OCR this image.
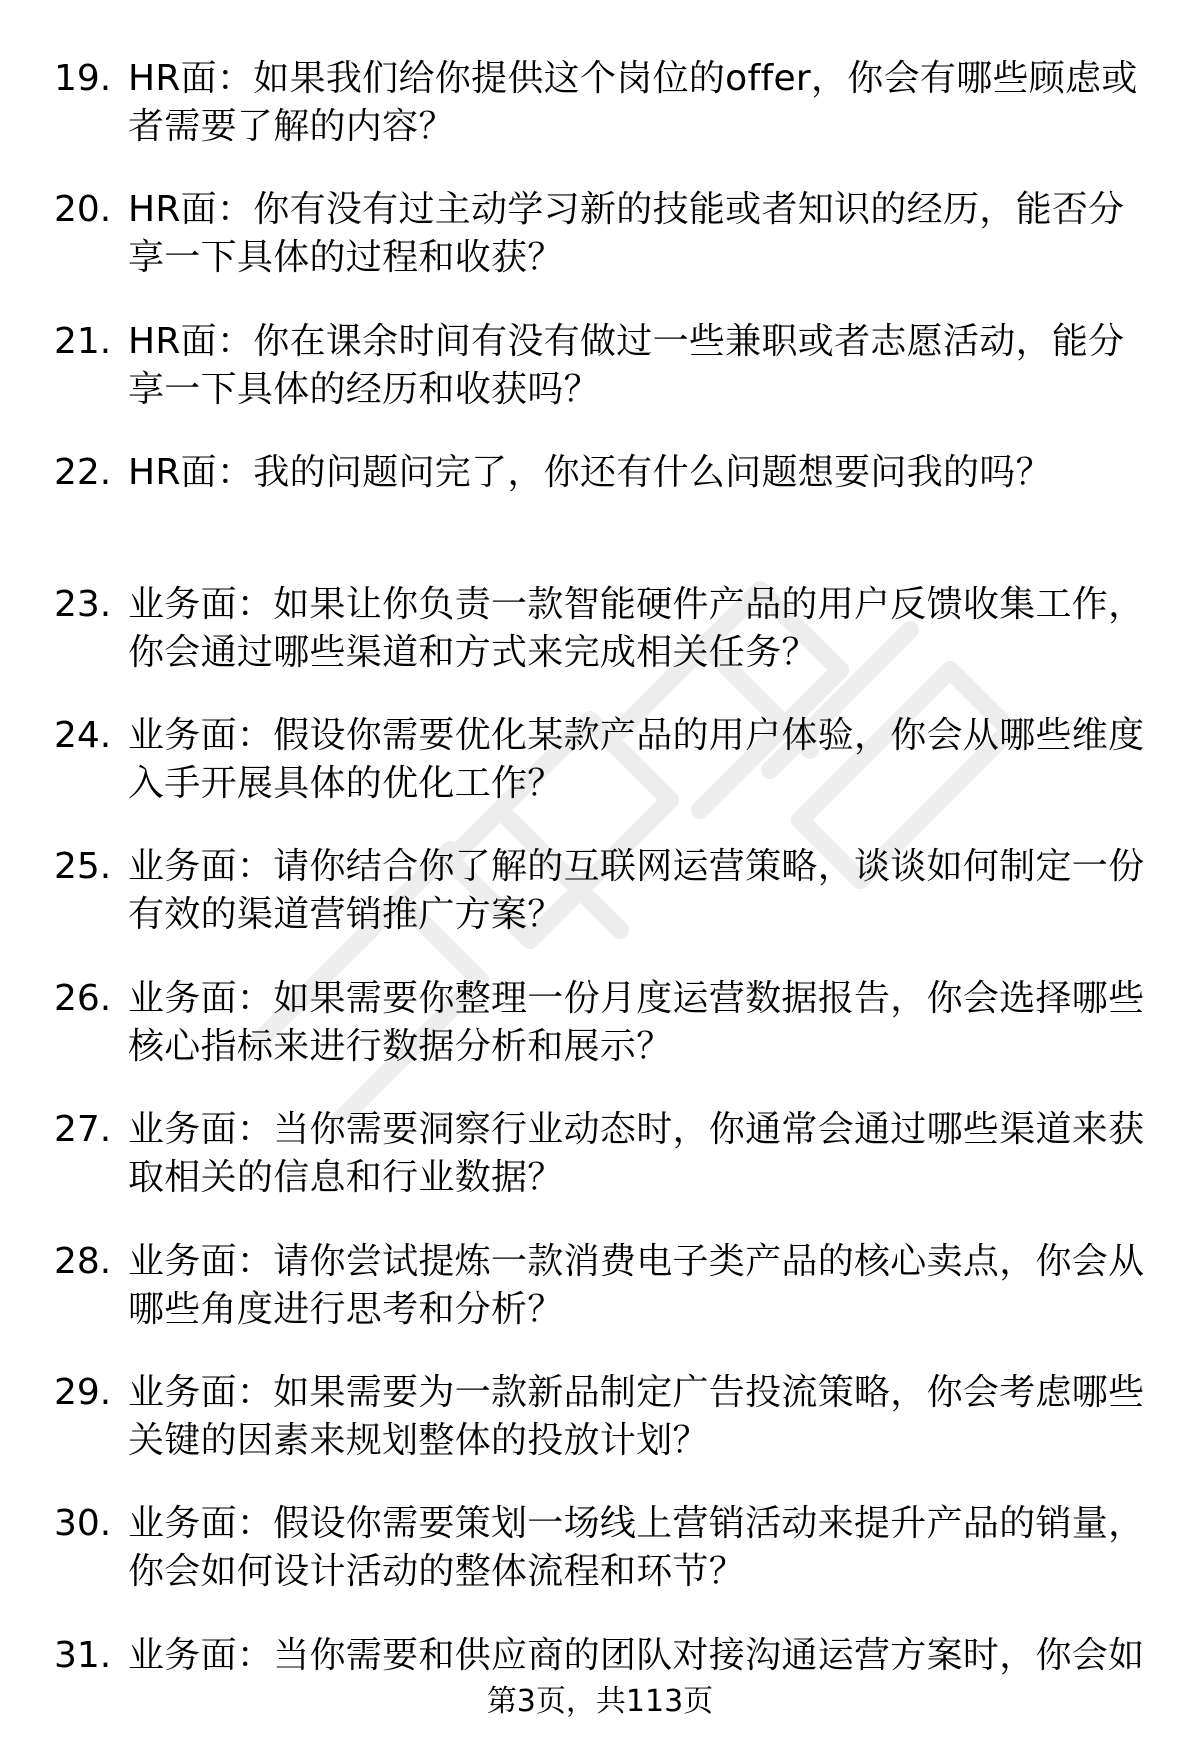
19. HR面：如果我们给你提供这个岗位的offer，你会有哪些顾虑或者需要了解的内容？
20. HR面：你有没有过主动学习新的技能或者知识的经历，能否分享一下具体的过程和收获？
21. HR面：你在课余时间有没有做过一些兼职或者志愿活动，能分享一下具体的经历和收获吗？
22. HR面：我的问题问完了，你还有什么问题想要问我的吗？
23. 业务面：如果让你负责一款智能硬件产品的用户反馈收集工作，你会通过哪些渠道和方式来完成相关任务？
24. 业务面：假设你需要优化某款产品的用户体验，你会从哪些维度入手开展具体的优化工作？
25. 业务面：请你结合你了解的互联网运营策略，谈谈如何制定一份有效的渠道营销推广方案？
26. 业务面：如果需要你整理一份月度运营数据报告，你会选择哪些核心指标来进行数据分析和展示？
27. 业务面：当你需要洞察行业动态时，你通常会通过哪些渠道来获取相关的信息和行业数据？
28. 业务面：请你尝试提炼一款消费电子类产品的核心卖点，你会从哪些角度进行思考和分析？
29. 业务面：如果需要为一款新品制定广告投流策略，你会考虑哪些关键的因素来规划整体的投放计划？
30. 业务面：假设你需要策划一场线上营销活动来提升产品的销量，你会如何设计活动的整体流程和环节？
31. 业务面：当你需要和供应商的团队对接沟通运营方案时，你会如
第3页，共113页
